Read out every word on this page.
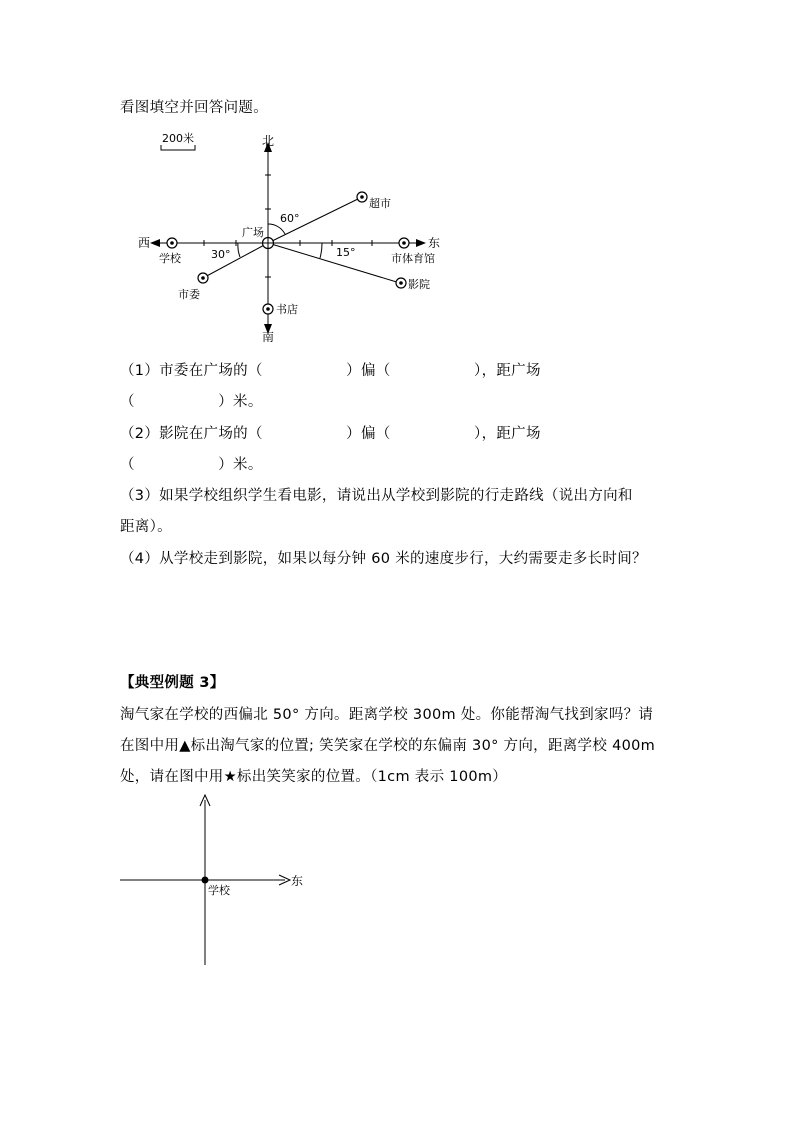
看图填空并回答问题。
200米	北
南
西	东
60°
30°	15°
广场
超市
学校	市体育馆
市委
影院
书店
东
学校
（1）市委在广场的（                 ）偏（                 ），距广场
（                 ）米。
（2）影院在广场的（                 ）偏（                 ），距广场
（                 ）米。
（3）如果学校组织学生看电影，请说出从学校到影院的行走路线（说出方向和
距离）。
（4）从学校走到影院，如果以每分钟 60 米的速度步行，大约需要走多长时间？
【典型例题 3】
淘气家在学校的西偏北 50° 方向。距离学校 300m 处。你能帮淘气找到家吗？请
在图中用▲标出淘气家的位置; 笑笑家在学校的东偏南 30° 方向，距离学校 400m
处，请在图中用★标出笑笑家的位置。（1cm 表示 100m）
